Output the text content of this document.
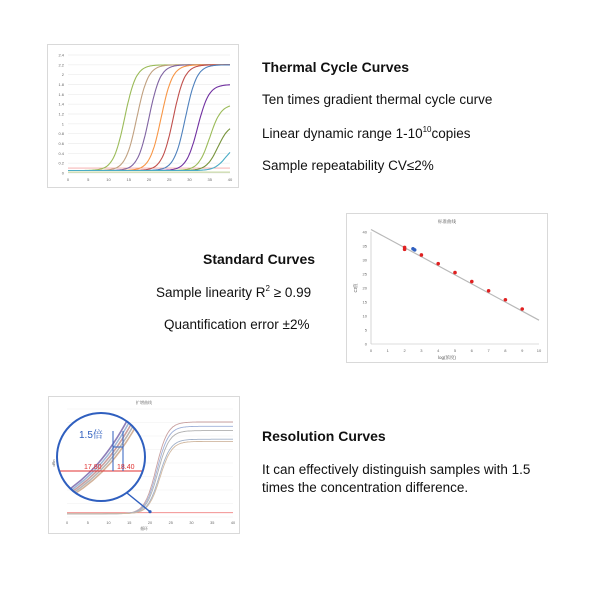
0
0.2
0.4
0.6
0.8
1
1.2
1.4
1.6
1.8
2
2.2
2.4
0	5	10	15	20	25	30	35	40
Thermal Cycle Curves
Ten times gradient thermal cycle curve
Linear dynamic range $1-10^{10}copies$
Sample repeatability CV≤2%
Standard Curves
Sample linearity $R^2 \ge 0.99$
Quantification error ±2%
标准曲线
0
5
10
15
20
25
30
35
40
0	1	2	3	4	5	6	7	8	9	10
log(浓度)
Ct值
扩增曲线
0	5	10	15	20	25	30	35	40
循环
dRn
1.5倍
17.80 18.40
Resolution Curves
It can effectively distinguish samples with 1.5 times the concentration difference.
